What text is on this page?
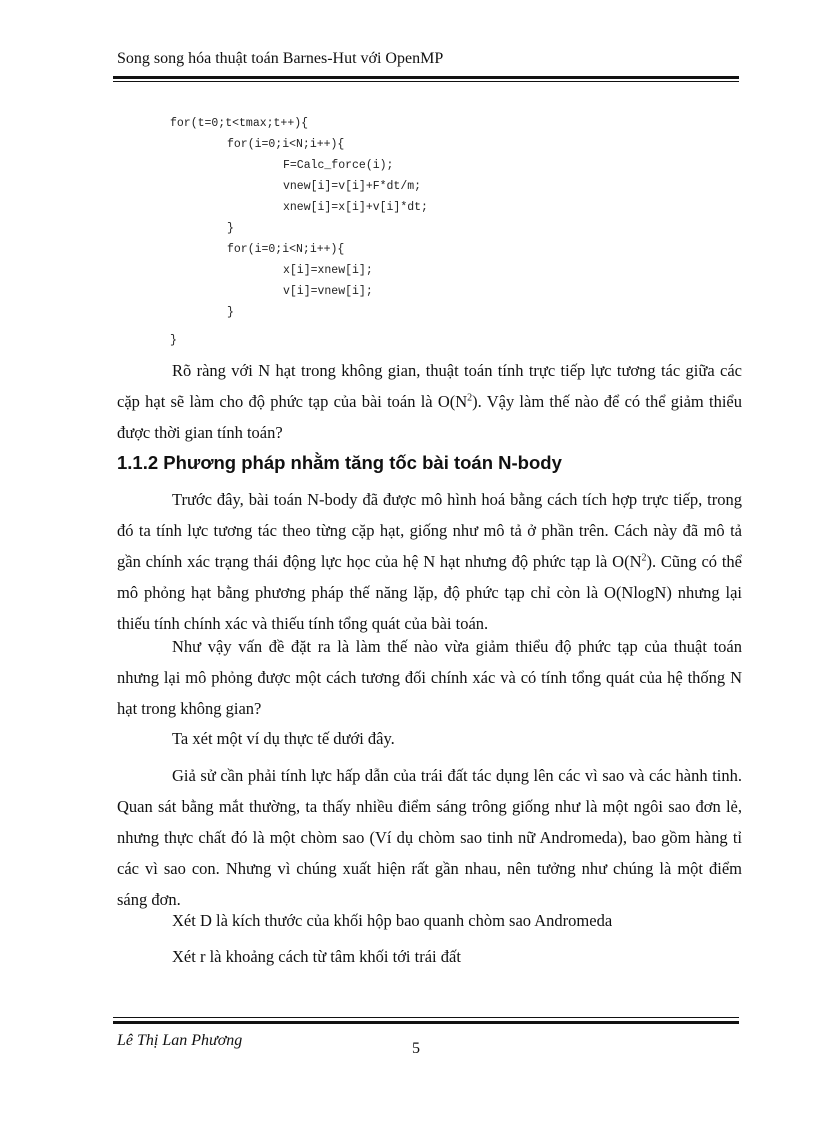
Song song hóa thuật toán Barnes-Hut với OpenMP
for(t=0;t<tmax;t++){
for(i=0;i<N;i++){
F=Calc_force(i);
vnew[i]=v[i]+F*dt/m;
xnew[i]=x[i]+v[i]*dt;
}
for(i=0;i<N;i++){
x[i]=xnew[i];
v[i]=vnew[i];
}
}
Rõ ràng với N hạt trong không gian, thuật toán tính trực tiếp lực tương tác giữa các cặp hạt sẽ làm cho độ phức tạp của bài toán là $O(N^2)$. Vậy làm thế nào để có thể giảm thiểu được thời gian tính toán?
1.1.2 Phương pháp nhằm tăng tốc bài toán N-body
Trước đây, bài toán N-body đã được mô hình hoá bằng cách tích hợp trực tiếp, trong đó ta tính lực tương tác theo từng cặp hạt, giống như mô tả ở phần trên. Cách này đã mô tả gần chính xác trạng thái động lực học của hệ N hạt nhưng độ phức tạp là $O(N^2)$. Cũng có thể mô phỏng hạt bằng phương pháp thế năng lặp, độ phức tạp chỉ còn là O(NlogN) nhưng lại thiếu tính chính xác và thiếu tính tổng quát của bài toán.
Như vậy vấn đề đặt ra là làm thế nào vừa giảm thiểu độ phức tạp của thuật toán nhưng lại mô phỏng được một cách tương đối chính xác và có tính tổng quát của hệ thống N hạt trong không gian?
Ta xét một ví dụ thực tế dưới đây.
Giả sử cần phải tính lực hấp dẫn của trái đất tác dụng lên các vì sao và các hành tinh. Quan sát bằng mắt thường, ta thấy nhiều điểm sáng trông giống như là một ngôi sao đơn lẻ, nhưng thực chất đó là một chòm sao (Ví dụ chòm sao tinh nữ Andromeda), bao gồm hàng tỉ các vì sao con. Nhưng vì chúng xuất hiện rất gần nhau, nên tưởng như chúng là một điểm sáng đơn.
Xét D là kích thước của khối hộp bao quanh chòm sao Andromeda
Xét r là khoảng cách từ tâm khối tới trái đất
Lê Thị Lan Phương	5
